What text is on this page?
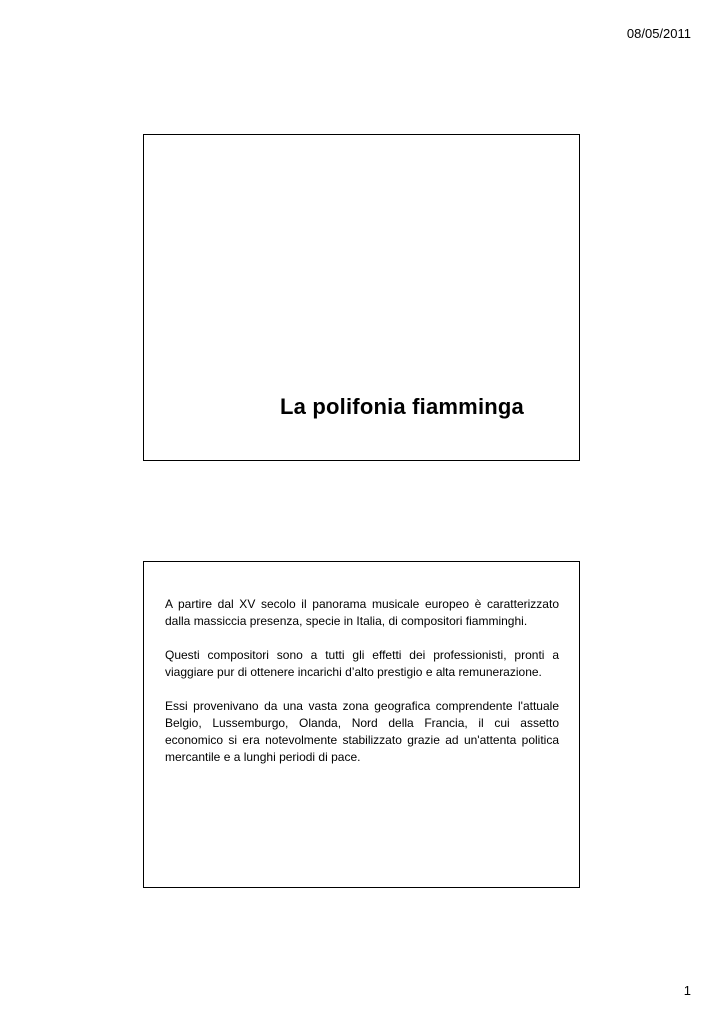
08/05/2011
La polifonia fiamminga

A partire dal XV secolo il panorama musicale europeo è caratterizzato dalla massiccia presenza, specie in Italia, di compositori fiamminghi.

Questi compositori sono a tutti gli effetti dei professionisti, pronti a viaggiare pur di ottenere incarichi d’alto prestigio e alta remunerazione.

Essi provenivano da una vasta zona geografica comprendente l'attuale Belgio, Lussemburgo, Olanda, Nord della Francia, il cui assetto economico si era notevolmente stabilizzato grazie ad un'attenta politica mercantile e a lunghi periodi di pace.

1
